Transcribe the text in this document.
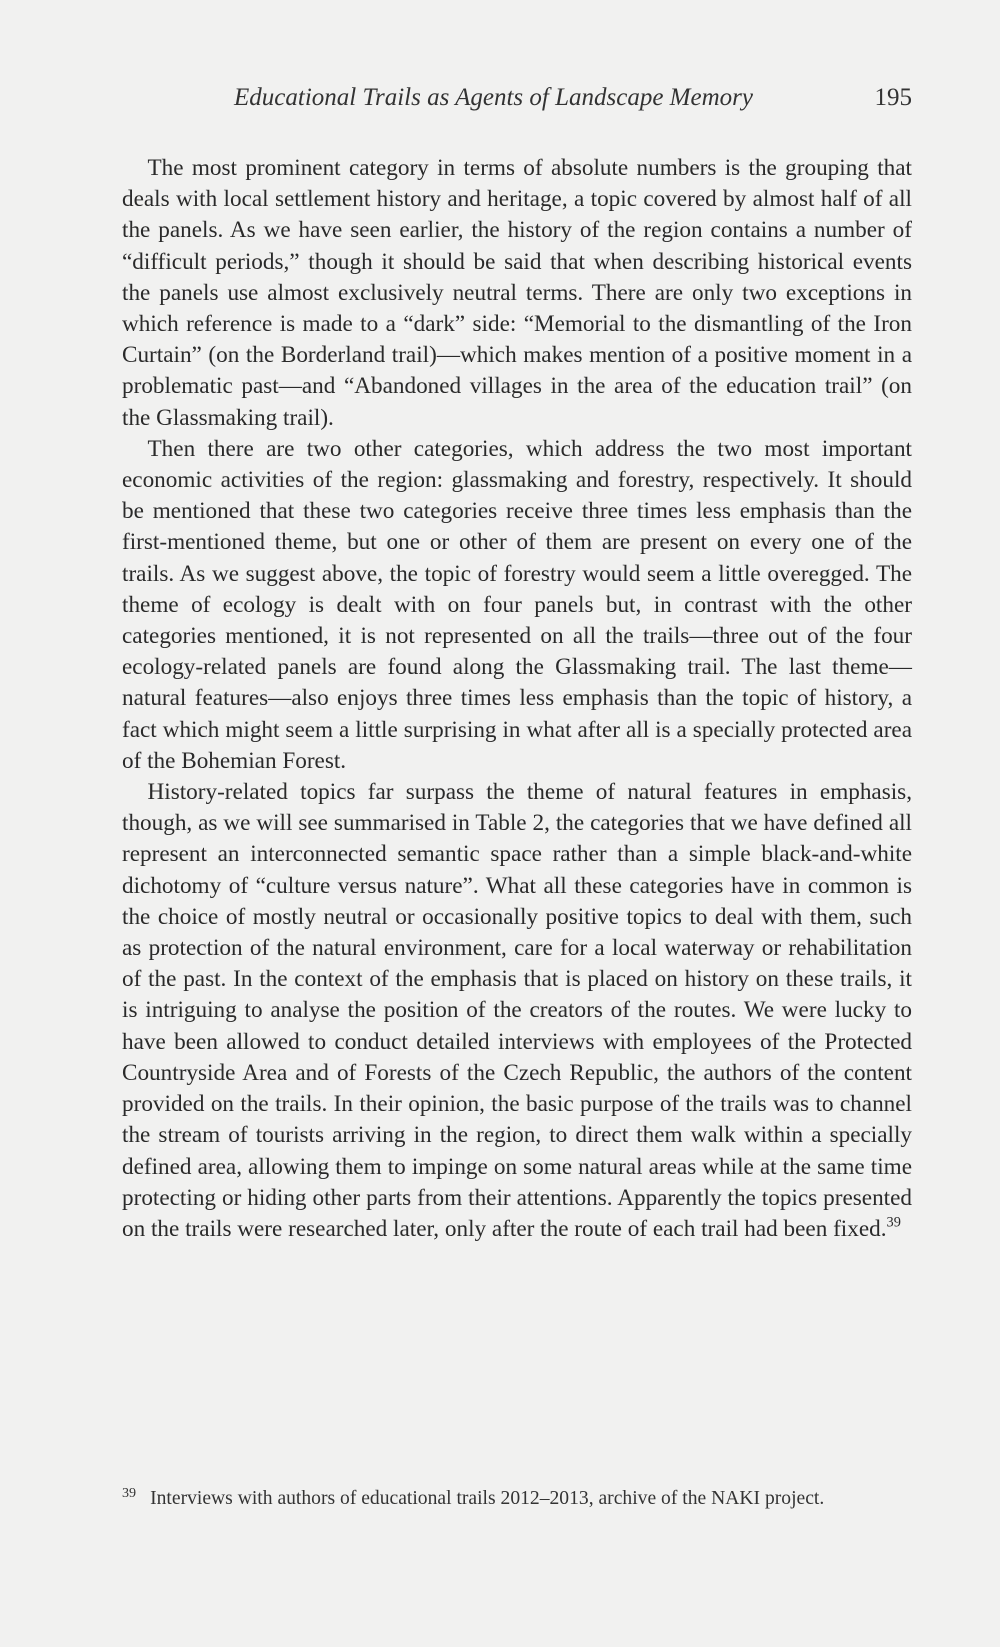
Educational Trails as Agents of Landscape Memory	195

The most prominent category in terms of absolute numbers is the grouping that deals with local settlement history and heritage, a topic covered by almost half of all the panels. As we have seen earlier, the history of the region contains a number of “difficult periods,” though it should be said that when describing historical events the panels use almost exclusively neutral terms. There are only two exceptions in which reference is made to a “dark” side: “Memorial to the dismantling of the Iron Curtain” (on the Borderland trail)—which makes mention of a positive moment in a problematic past—and “Abandoned villages in the area of the education trail” (on the Glassmaking trail).

Then there are two other categories, which address the two most important economic activities of the region: glassmaking and forestry, respectively. It should be mentioned that these two categories receive three times less emphasis than the first-mentioned theme, but one or other of them are present on every one of the trails. As we suggest above, the topic of forestry would seem a little overegged. The theme of ecology is dealt with on four panels but, in contrast with the other categories mentioned, it is not represented on all the trails—three out of the four ecology-related panels are found along the Glassmaking trail. The last theme—natural features—also enjoys three times less emphasis than the topic of history, a fact which might seem a little surprising in what after all is a specially protected area of the Bohemian Forest.

History-related topics far surpass the theme of natural features in emphasis, though, as we will see summarised in Table 2, the categories that we have defined all represent an interconnected semantic space rather than a simple black-and-white dichotomy of “culture versus nature”. What all these categories have in common is the choice of mostly neutral or occasionally positive topics to deal with them, such as protection of the natural environment, care for a local waterway or rehabilitation of the past. In the context of the emphasis that is placed on history on these trails, it is intriguing to analyse the position of the creators of the routes. We were lucky to have been allowed to conduct detailed interviews with employees of the Protected Countryside Area and of Forests of the Czech Republic, the authors of the content provided on the trails. In their opinion, the basic purpose of the trails was to channel the stream of tourists arriving in the region, to direct them walk within a specially defined area, allowing them to impinge on some natural areas while at the same time protecting or hiding other parts from their attentions. Apparently the topics presented on the trails were researched later, only after the route of each trail had been fixed.$^{39}$

$^{39}$ Interviews with authors of educational trails 2012–2013, archive of the NAKI project.
